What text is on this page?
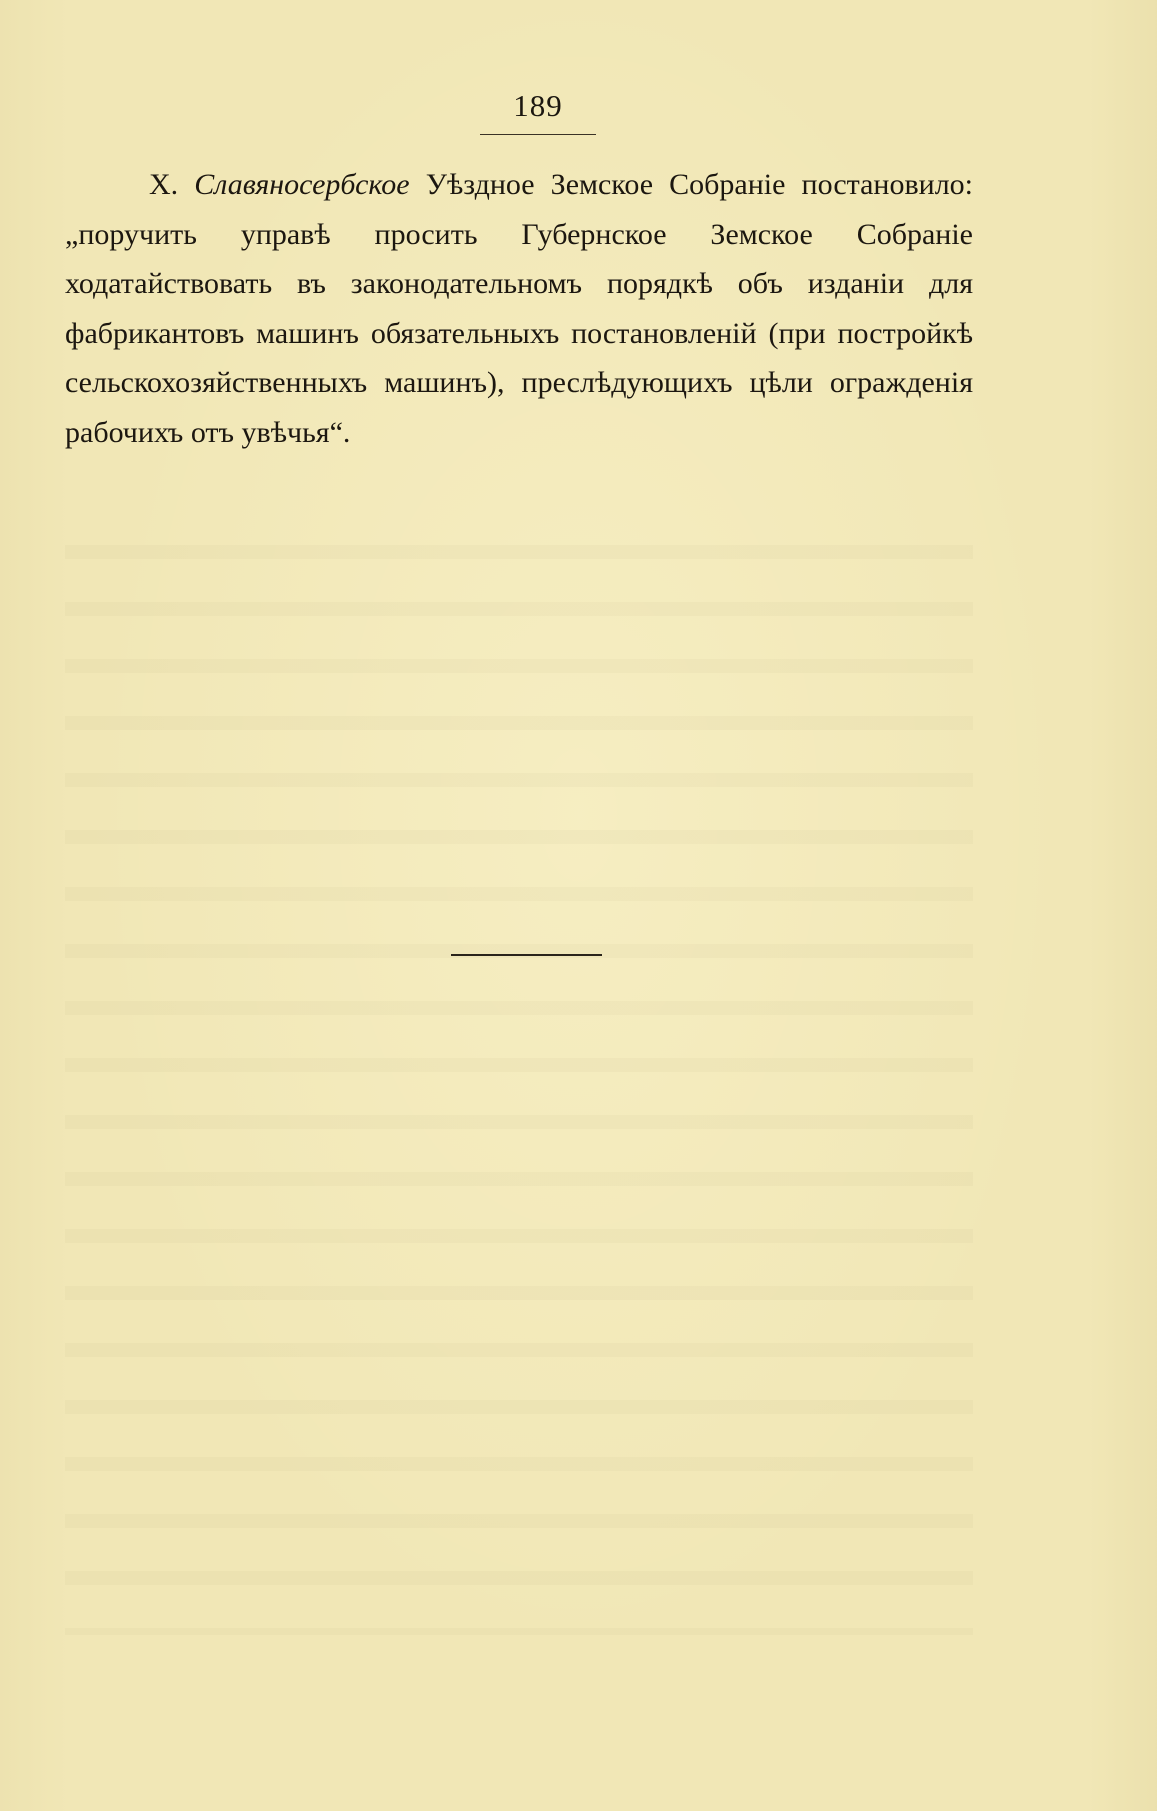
189

X. Славяносербское Уѣздное Земское Собраніе постановило: „поручить управѣ просить Губернское Земское Собраніе ходатайствовать въ законодательномъ порядкѣ объ изданіи для фабрикантовъ машинъ обязательныхъ постановленій (при постройкѣ сельскохозяйственныхъ машинъ), преслѣдующихъ цѣли огражденія рабочихъ отъ увѣчья“.
